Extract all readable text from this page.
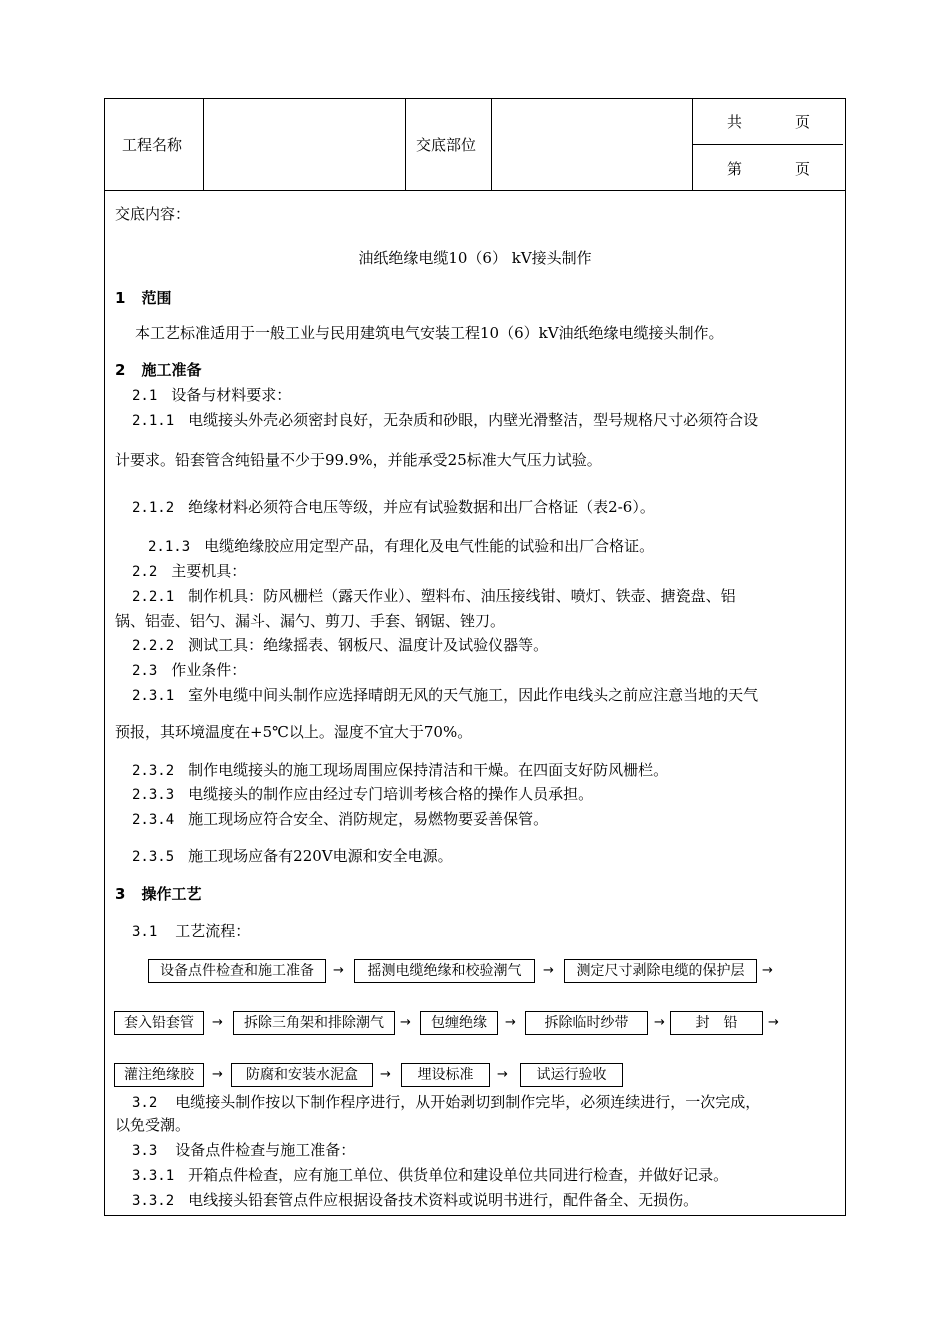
工程名称	交底部位
共	页
第	页
交底内容：
油纸绝缘电缆10（6） kV接头制作
1 范围
本工艺标准适用于一般工业与民用建筑电气安装工程10（6）kV油纸绝缘电缆接头制作。
2 施工准备
2.1 设备与材料要求：
2.1.1 电缆接头外壳必须密封良好，无杂质和砂眼，内壁光滑整洁，型号规格尺寸必须符合设
计要求。铅套管含纯铅量不少于99.9%，并能承受25标准大气压力试验。
2.1.2 绝缘材料必须符合电压等级，并应有试验数据和出厂合格证（表2-6）。
2.1.3 电缆绝缘胶应用定型产品，有理化及电气性能的试验和出厂合格证。
2.2 主要机具：
2.2.1 制作机具：防风栅栏（露天作业）、塑料布、油压接线钳、喷灯、铁壶、搪瓷盘、铝
锅、铝壶、铝勺、漏斗、漏勺、剪刀、手套、钢锯、锉刀。
2.2.2 测试工具：绝缘摇表、钢板尺、温度计及试验仪器等。
2.3 作业条件：
2.3.1 室外电缆中间头制作应选择晴朗无风的天气施工，因此作电线头之前应注意当地的天气
预报，其环境温度在+5℃以上。湿度不宜大于70%。
2.3.2 制作电缆接头的施工现场周围应保持清洁和干燥。在四面支好防风栅栏。
2.3.3 电缆接头的制作应由经过专门培训考核合格的操作人员承担。
2.3.4 施工现场应符合安全、消防规定，易燃物要妥善保管。
2.3.5 施工现场应备有220V电源和安全电源。
3 操作工艺
3.1 工艺流程：
设备点件检查和施工准备	→	摇测电缆绝缘和校验潮气	→	测定尺寸剥除电缆的保护层	→
套入铅套管	→	拆除三角架和排除潮气	→	包缠绝缘	→	拆除临时纱带	→	封　铅	→
灌注绝缘胶	→	防腐和安装水泥盒	→	埋设标准	→	试运行验收
3.2 电缆接头制作按以下制作程序进行，从开始剥切到制作完毕，必须连续进行，一次完成，
以免受潮。
3.3 设备点件检查与施工准备：
3.3.1 开箱点件检查，应有施工单位、供货单位和建设单位共同进行检查，并做好记录。
3.3.2 电线接头铅套管点件应根据设备技术资料或说明书进行，配件备全、无损伤。
